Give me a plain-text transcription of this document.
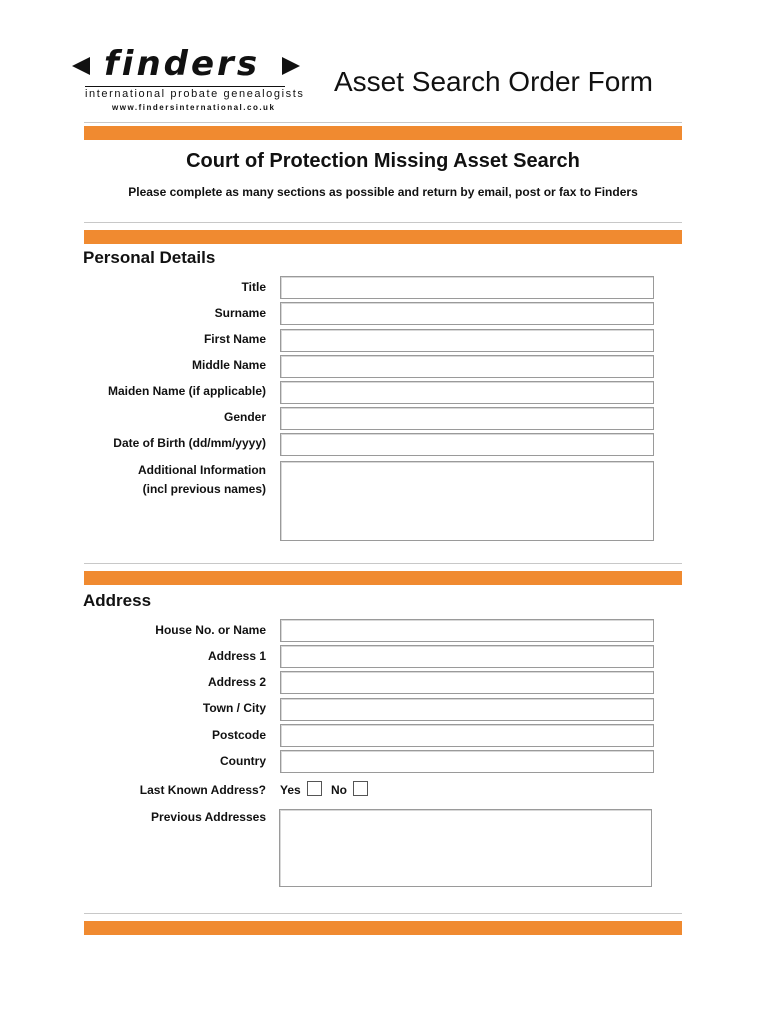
finders
international probate genealogists
www.findersinternational.co.uk
Asset Search Order Form
Court of Protection Missing Asset Search
Please complete as many sections as possible and return by email, post or fax to Finders
Personal Details
Title
Surname
First Name
Middle Name
Maiden Name (if applicable)
Gender
Date of Birth (dd/mm/yyyy)
Additional Information
(incl previous names)
Address
House No. or Name
Address 1
Address 2
Town / City
Postcode
Country
Last Known Address? Yes	No
Previous Addresses
